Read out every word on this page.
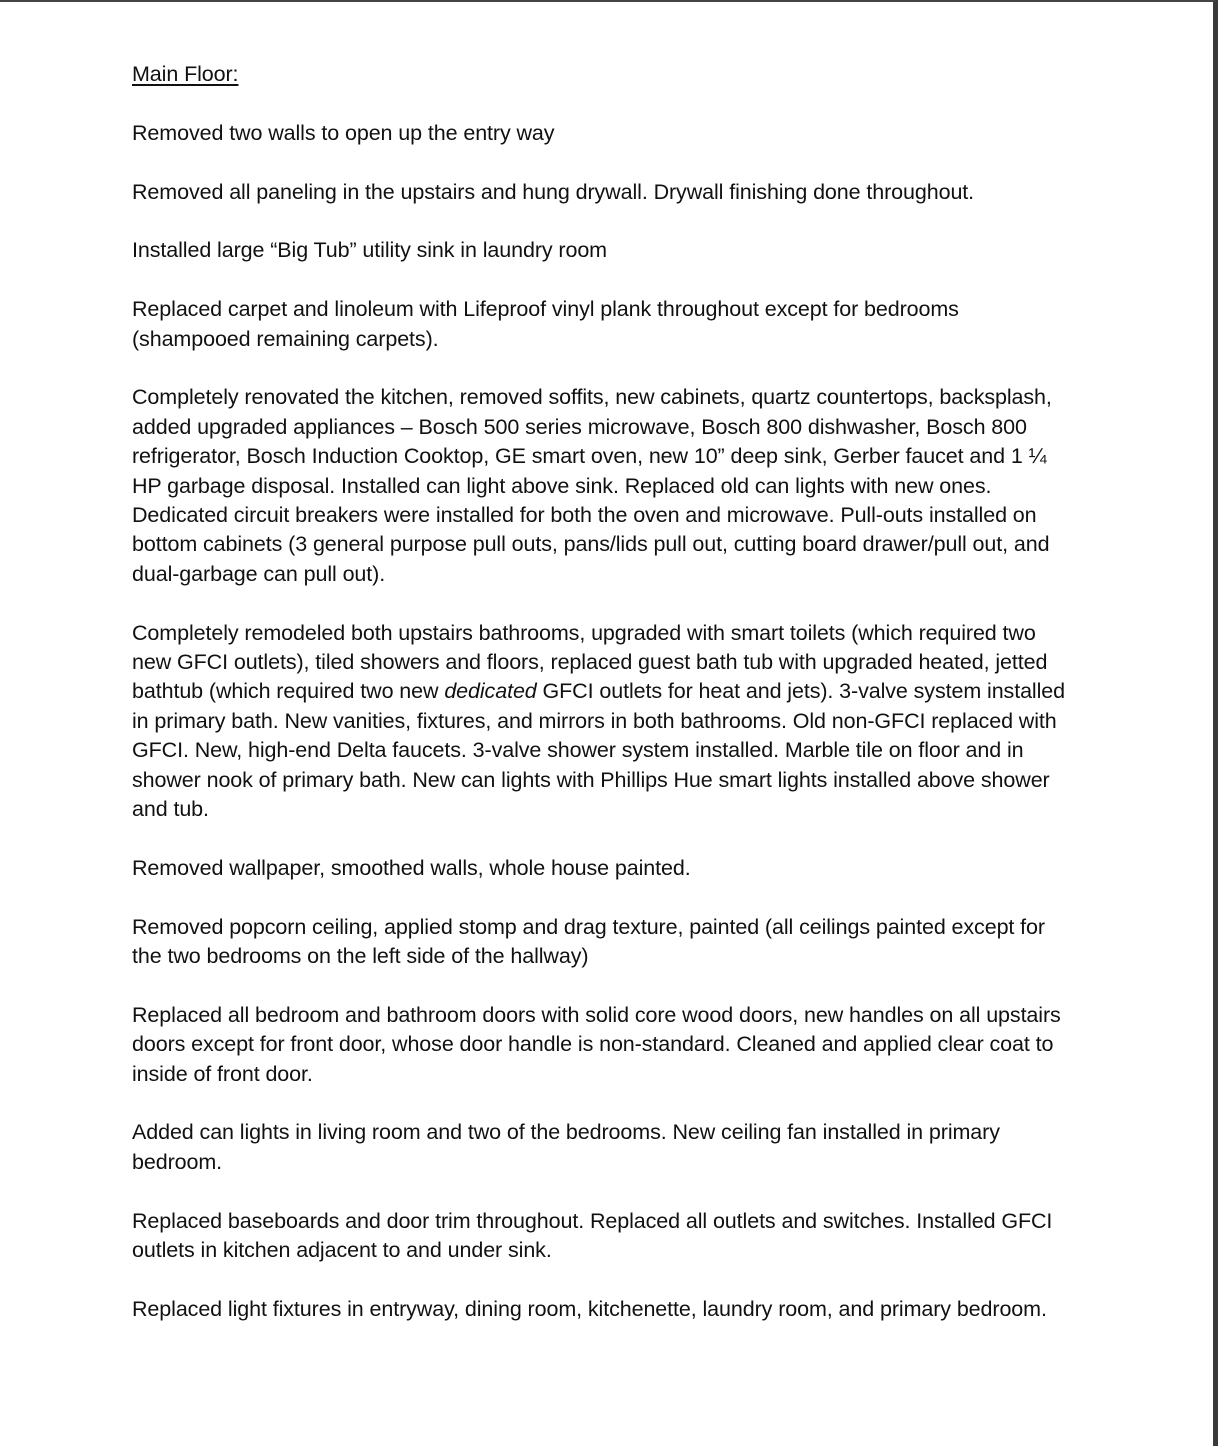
Main Floor:

Removed two walls to open up the entry way

Removed all paneling in the upstairs and hung drywall. Drywall finishing done throughout.

Installed large “Big Tub” utility sink in laundry room

Replaced carpet and linoleum with Lifeproof vinyl plank throughout except for bedrooms (shampooed remaining carpets).

Completely renovated the kitchen, removed soffits, new cabinets, quartz countertops, backsplash, added upgraded appliances – Bosch 500 series microwave, Bosch 800 dishwasher, Bosch 800 refrigerator, Bosch Induction Cooktop, GE smart oven, new 10” deep sink, Gerber faucet and 1 ¼ HP garbage disposal. Installed can light above sink. Replaced old can lights with new ones. Dedicated circuit breakers were installed for both the oven and microwave. Pull-outs installed on bottom cabinets (3 general purpose pull outs, pans/lids pull out, cutting board drawer/pull out, and dual-garbage can pull out).

Completely remodeled both upstairs bathrooms, upgraded with smart toilets (which required two new GFCI outlets), tiled showers and floors, replaced guest bath tub with upgraded heated, jetted bathtub (which required two new dedicated GFCI outlets for heat and jets). 3-valve system installed in primary bath. New vanities, fixtures, and mirrors in both bathrooms. Old non-GFCI replaced with GFCI. New, high-end Delta faucets. 3-valve shower system installed. Marble tile on floor and in shower nook of primary bath. New can lights with Phillips Hue smart lights installed above shower and tub.

Removed wallpaper, smoothed walls, whole house painted.

Removed popcorn ceiling, applied stomp and drag texture, painted (all ceilings painted except for the two bedrooms on the left side of the hallway)

Replaced all bedroom and bathroom doors with solid core wood doors, new handles on all upstairs doors except for front door, whose door handle is non-standard. Cleaned and applied clear coat to inside of front door.

Added can lights in living room and two of the bedrooms. New ceiling fan installed in primary bedroom.

Replaced baseboards and door trim throughout. Replaced all outlets and switches. Installed GFCI outlets in kitchen adjacent to and under sink.

Replaced light fixtures in entryway, dining room, kitchenette, laundry room, and primary bedroom.
